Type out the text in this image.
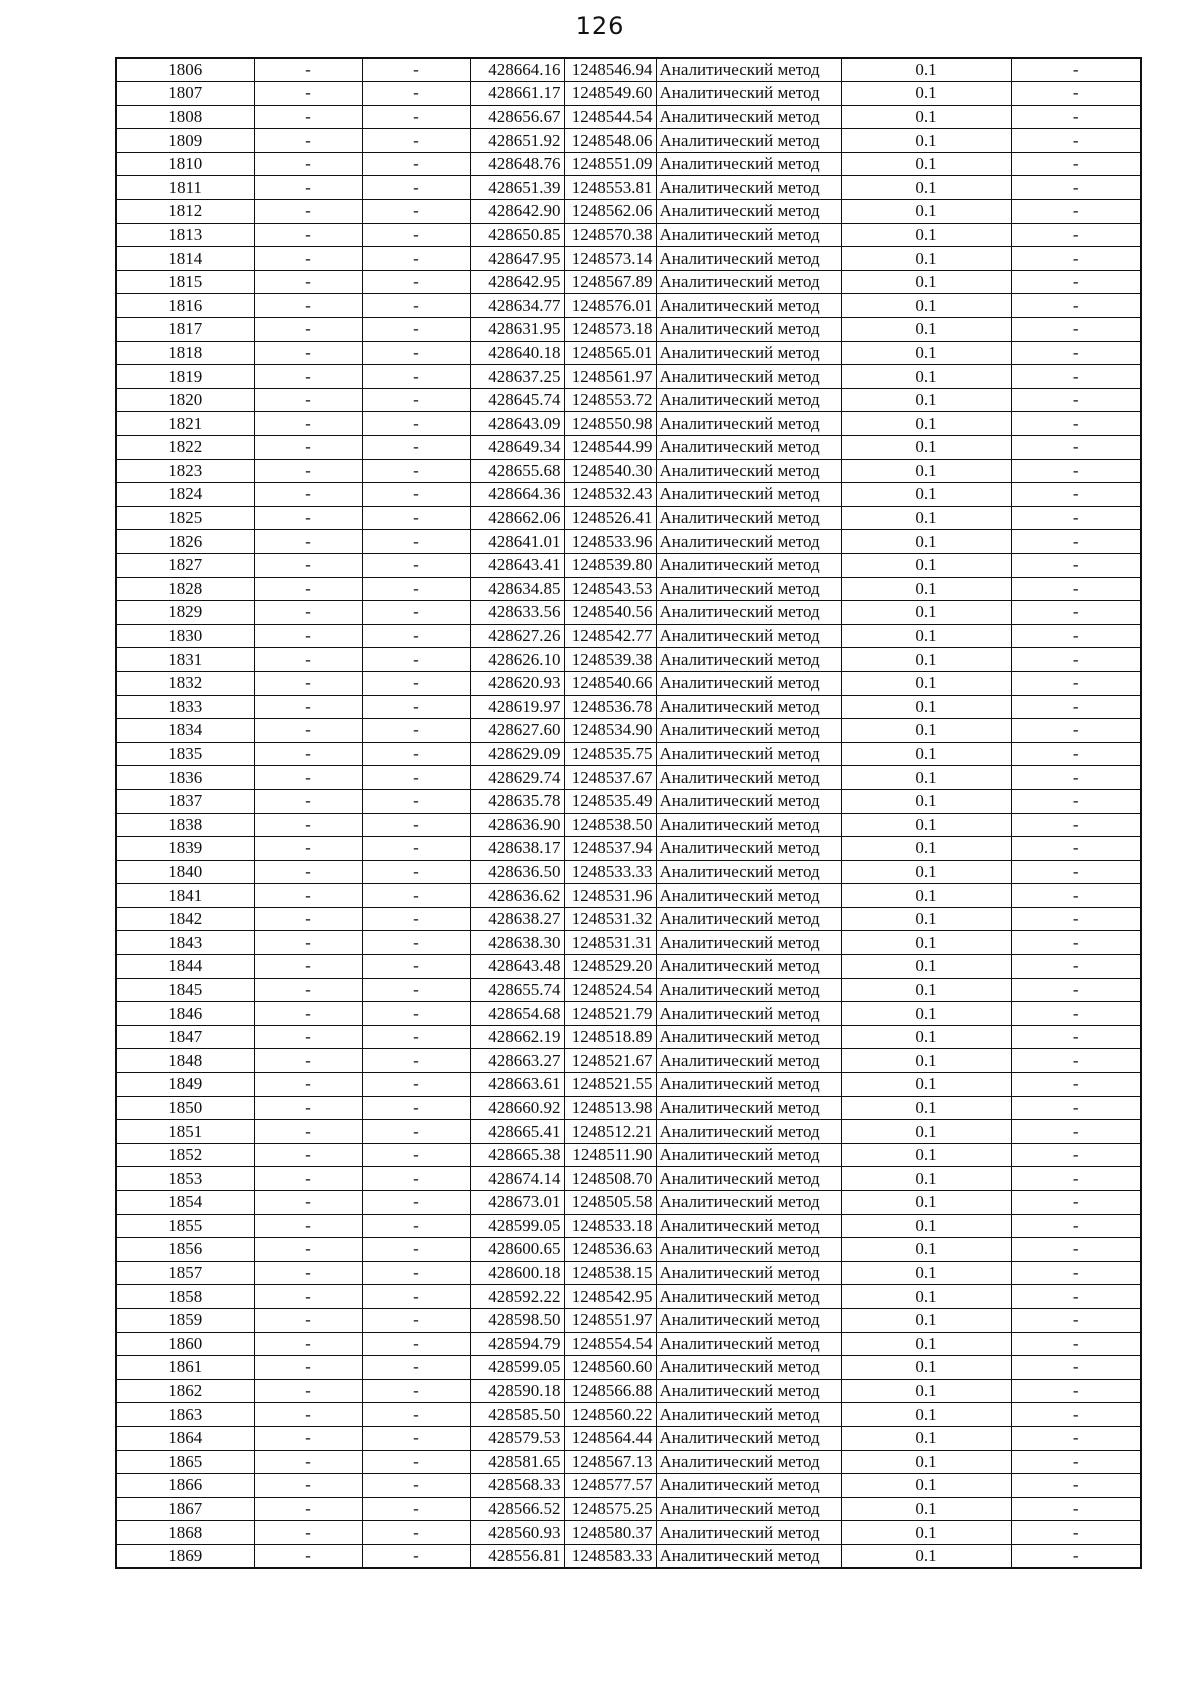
126
1806	-	-	428664.16	1248546.94	Аналитический метод	0.1	-
1807	-	-	428661.17	1248549.60	Аналитический метод	0.1	-
1808	-	-	428656.67	1248544.54	Аналитический метод	0.1	-
1809	-	-	428651.92	1248548.06	Аналитический метод	0.1	-
1810	-	-	428648.76	1248551.09	Аналитический метод	0.1	-
1811	-	-	428651.39	1248553.81	Аналитический метод	0.1	-
1812	-	-	428642.90	1248562.06	Аналитический метод	0.1	-
1813	-	-	428650.85	1248570.38	Аналитический метод	0.1	-
1814	-	-	428647.95	1248573.14	Аналитический метод	0.1	-
1815	-	-	428642.95	1248567.89	Аналитический метод	0.1	-
1816	-	-	428634.77	1248576.01	Аналитический метод	0.1	-
1817	-	-	428631.95	1248573.18	Аналитический метод	0.1	-
1818	-	-	428640.18	1248565.01	Аналитический метод	0.1	-
1819	-	-	428637.25	1248561.97	Аналитический метод	0.1	-
1820	-	-	428645.74	1248553.72	Аналитический метод	0.1	-
1821	-	-	428643.09	1248550.98	Аналитический метод	0.1	-
1822	-	-	428649.34	1248544.99	Аналитический метод	0.1	-
1823	-	-	428655.68	1248540.30	Аналитический метод	0.1	-
1824	-	-	428664.36	1248532.43	Аналитический метод	0.1	-
1825	-	-	428662.06	1248526.41	Аналитический метод	0.1	-
1826	-	-	428641.01	1248533.96	Аналитический метод	0.1	-
1827	-	-	428643.41	1248539.80	Аналитический метод	0.1	-
1828	-	-	428634.85	1248543.53	Аналитический метод	0.1	-
1829	-	-	428633.56	1248540.56	Аналитический метод	0.1	-
1830	-	-	428627.26	1248542.77	Аналитический метод	0.1	-
1831	-	-	428626.10	1248539.38	Аналитический метод	0.1	-
1832	-	-	428620.93	1248540.66	Аналитический метод	0.1	-
1833	-	-	428619.97	1248536.78	Аналитический метод	0.1	-
1834	-	-	428627.60	1248534.90	Аналитический метод	0.1	-
1835	-	-	428629.09	1248535.75	Аналитический метод	0.1	-
1836	-	-	428629.74	1248537.67	Аналитический метод	0.1	-
1837	-	-	428635.78	1248535.49	Аналитический метод	0.1	-
1838	-	-	428636.90	1248538.50	Аналитический метод	0.1	-
1839	-	-	428638.17	1248537.94	Аналитический метод	0.1	-
1840	-	-	428636.50	1248533.33	Аналитический метод	0.1	-
1841	-	-	428636.62	1248531.96	Аналитический метод	0.1	-
1842	-	-	428638.27	1248531.32	Аналитический метод	0.1	-
1843	-	-	428638.30	1248531.31	Аналитический метод	0.1	-
1844	-	-	428643.48	1248529.20	Аналитический метод	0.1	-
1845	-	-	428655.74	1248524.54	Аналитический метод	0.1	-
1846	-	-	428654.68	1248521.79	Аналитический метод	0.1	-
1847	-	-	428662.19	1248518.89	Аналитический метод	0.1	-
1848	-	-	428663.27	1248521.67	Аналитический метод	0.1	-
1849	-	-	428663.61	1248521.55	Аналитический метод	0.1	-
1850	-	-	428660.92	1248513.98	Аналитический метод	0.1	-
1851	-	-	428665.41	1248512.21	Аналитический метод	0.1	-
1852	-	-	428665.38	1248511.90	Аналитический метод	0.1	-
1853	-	-	428674.14	1248508.70	Аналитический метод	0.1	-
1854	-	-	428673.01	1248505.58	Аналитический метод	0.1	-
1855	-	-	428599.05	1248533.18	Аналитический метод	0.1	-
1856	-	-	428600.65	1248536.63	Аналитический метод	0.1	-
1857	-	-	428600.18	1248538.15	Аналитический метод	0.1	-
1858	-	-	428592.22	1248542.95	Аналитический метод	0.1	-
1859	-	-	428598.50	1248551.97	Аналитический метод	0.1	-
1860	-	-	428594.79	1248554.54	Аналитический метод	0.1	-
1861	-	-	428599.05	1248560.60	Аналитический метод	0.1	-
1862	-	-	428590.18	1248566.88	Аналитический метод	0.1	-
1863	-	-	428585.50	1248560.22	Аналитический метод	0.1	-
1864	-	-	428579.53	1248564.44	Аналитический метод	0.1	-
1865	-	-	428581.65	1248567.13	Аналитический метод	0.1	-
1866	-	-	428568.33	1248577.57	Аналитический метод	0.1	-
1867	-	-	428566.52	1248575.25	Аналитический метод	0.1	-
1868	-	-	428560.93	1248580.37	Аналитический метод	0.1	-
1869	-	-	428556.81	1248583.33	Аналитический метод	0.1	-
